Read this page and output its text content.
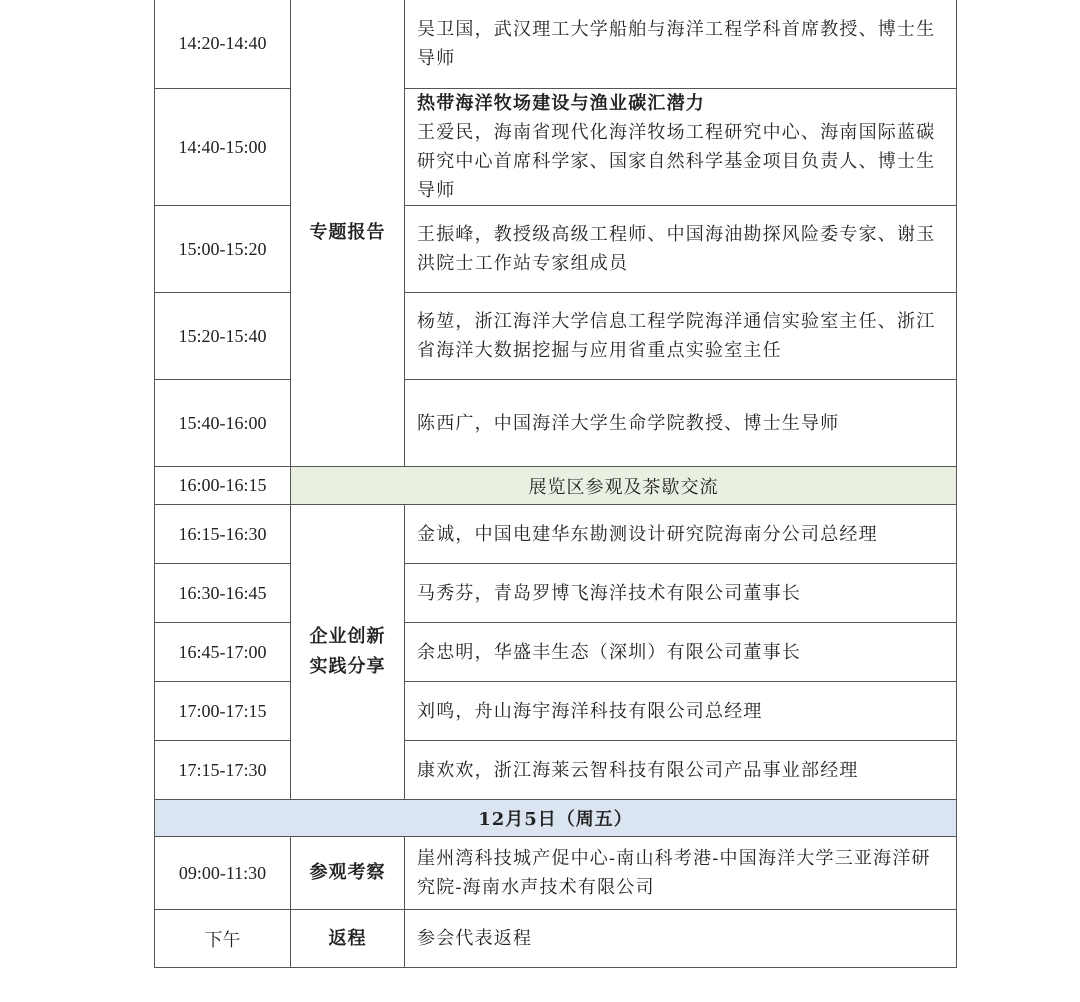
14:20-14:40	专题报告	吴卫国，武汉理工大学船舶与海洋工程学科首席教授、博士生导师
14:40-15:00		热带海洋牧场建设与渔业碳汇潜力
王爱民，海南省现代化海洋牧场工程研究中心、海南国际蓝碳研究中心首席科学家、国家自然科学基金项目负责人、博士生导师
15:00-15:20		王振峰，教授级高级工程师、中国海油勘探风险委专家、谢玉洪院士工作站专家组成员
15:20-15:40		杨堃，浙江海洋大学信息工程学院海洋通信实验室主任、浙江省海洋大数据挖掘与应用省重点实验室主任
15:40-16:00		陈西广，中国海洋大学生命学院教授、博士生导师
16:00-16:15	展览区参观及茶歇交流	
16:15-16:30	企业创新实践分享	金诚，中国电建华东勘测设计研究院海南分公司总经理
16:30-16:45		马秀芬，青岛罗博飞海洋技术有限公司董事长
16:45-17:00		余忠明，华盛丰生态（深圳）有限公司董事长
17:00-17:15		刘鸣，舟山海宇海洋科技有限公司总经理
17:15-17:30		康欢欢，浙江海莱云智科技有限公司产品事业部经理
12月5日（周五）		
09:00-11:30	参观考察	崖州湾科技城产促中心-南山科考港-中国海洋大学三亚海洋研究院-海南水声技术有限公司
下午	返程	参会代表返程
